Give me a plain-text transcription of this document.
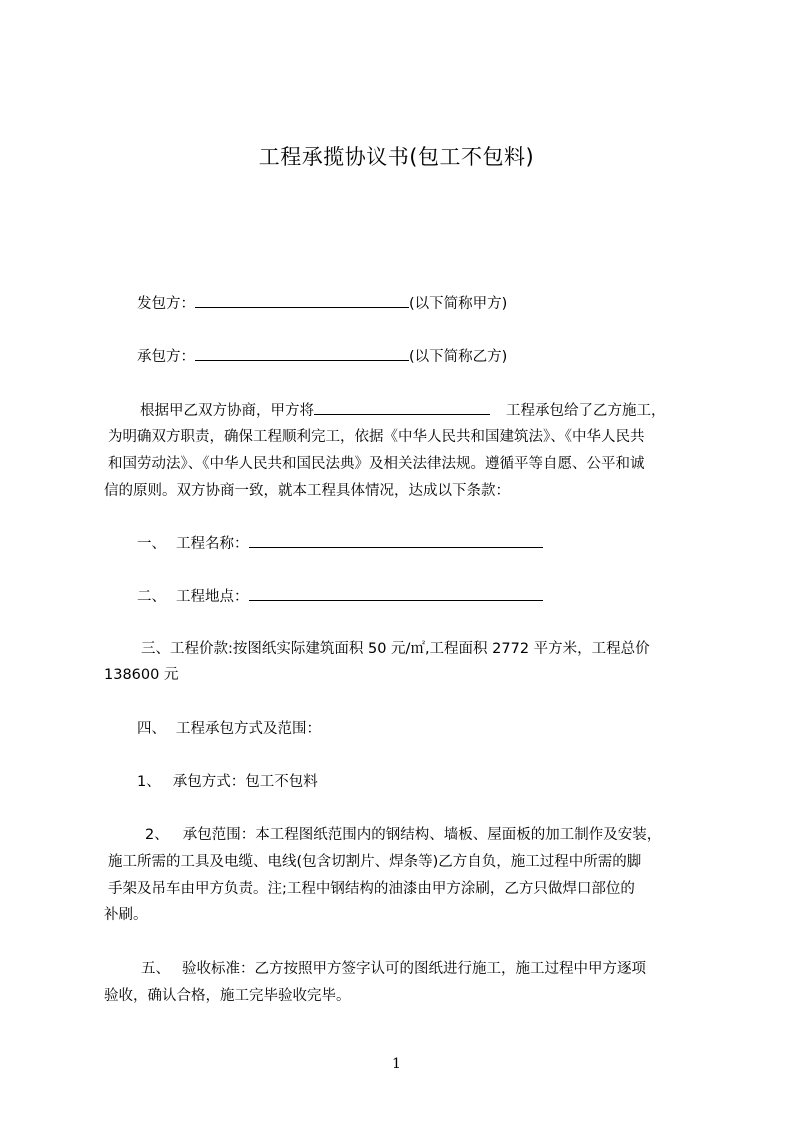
工程承揽协议书(包工不包料)
发包方：	(以下简称甲方)
承包方：	(以下简称乙方)
根据甲乙双方协商，甲方将	工程承包给了乙方施工，
为明确双方职责，确保工程顺利完工，依据《中华人民共和国建筑法》、《中华人民共
和国劳动法》、《中华人民共和国民法典》及相关法律法规。遵循平等自愿、公平和诚
信的原则。双方协商一致，就本工程具体情况，达成以下条款：
一、 工程名称：
二、 工程地点：
三、工程价款:按图纸实际建筑面积 50 元/㎡,工程面积 2772 平方米，工程总价
138600 元
四、 工程承包方式及范围：
1、 承包方式：包工不包料
2、 承包范围：本工程图纸范围内的钢结构、墙板、屋面板的加工制作及安装，
施工所需的工具及电缆、电线(包含切割片、焊条等)乙方自负，施工过程中所需的脚
手架及吊车由甲方负责。注;工程中钢结构的油漆由甲方涂刷，乙方只做焊口部位的
补刷。
五、 验收标准：乙方按照甲方签字认可的图纸进行施工，施工过程中甲方逐项
验收，确认合格，施工完毕验收完毕。
1
